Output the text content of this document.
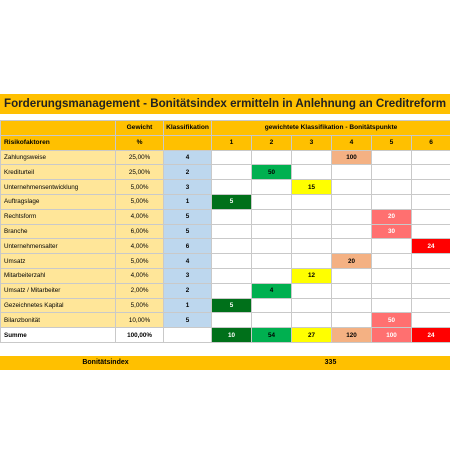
Forderungsmanagement - Bonitätsindex ermitteln in Anlehnung an Creditreform
	Gewicht	Klassifikation	gewichtete Klassifikation - Bonitätspunkte					
Risikofaktoren	%		1	2	3	4	5	6
Zahlungsweise	25,00%	4				100		
Krediturteil	25,00%	2		50				
Unternehmensentwicklung	5,00%	3			15			
Auftragslage	5,00%	1	5					
Rechtsform	4,00%	5					20	
Branche	6,00%	5					30	
Unternehmensalter	4,00%	6						24
Umsatz	5,00%	4				20		
Mitarbeiterzahl	4,00%	3			12			
Umsatz / Mitarbeiter	2,00%	2		4				
Gezeichnetes Kapital	5,00%	1	5					
Bilanzbonität	10,00%	5					50	
Summe	100,00%		10	54	27	120	100	24
Bonitätsindex	335
